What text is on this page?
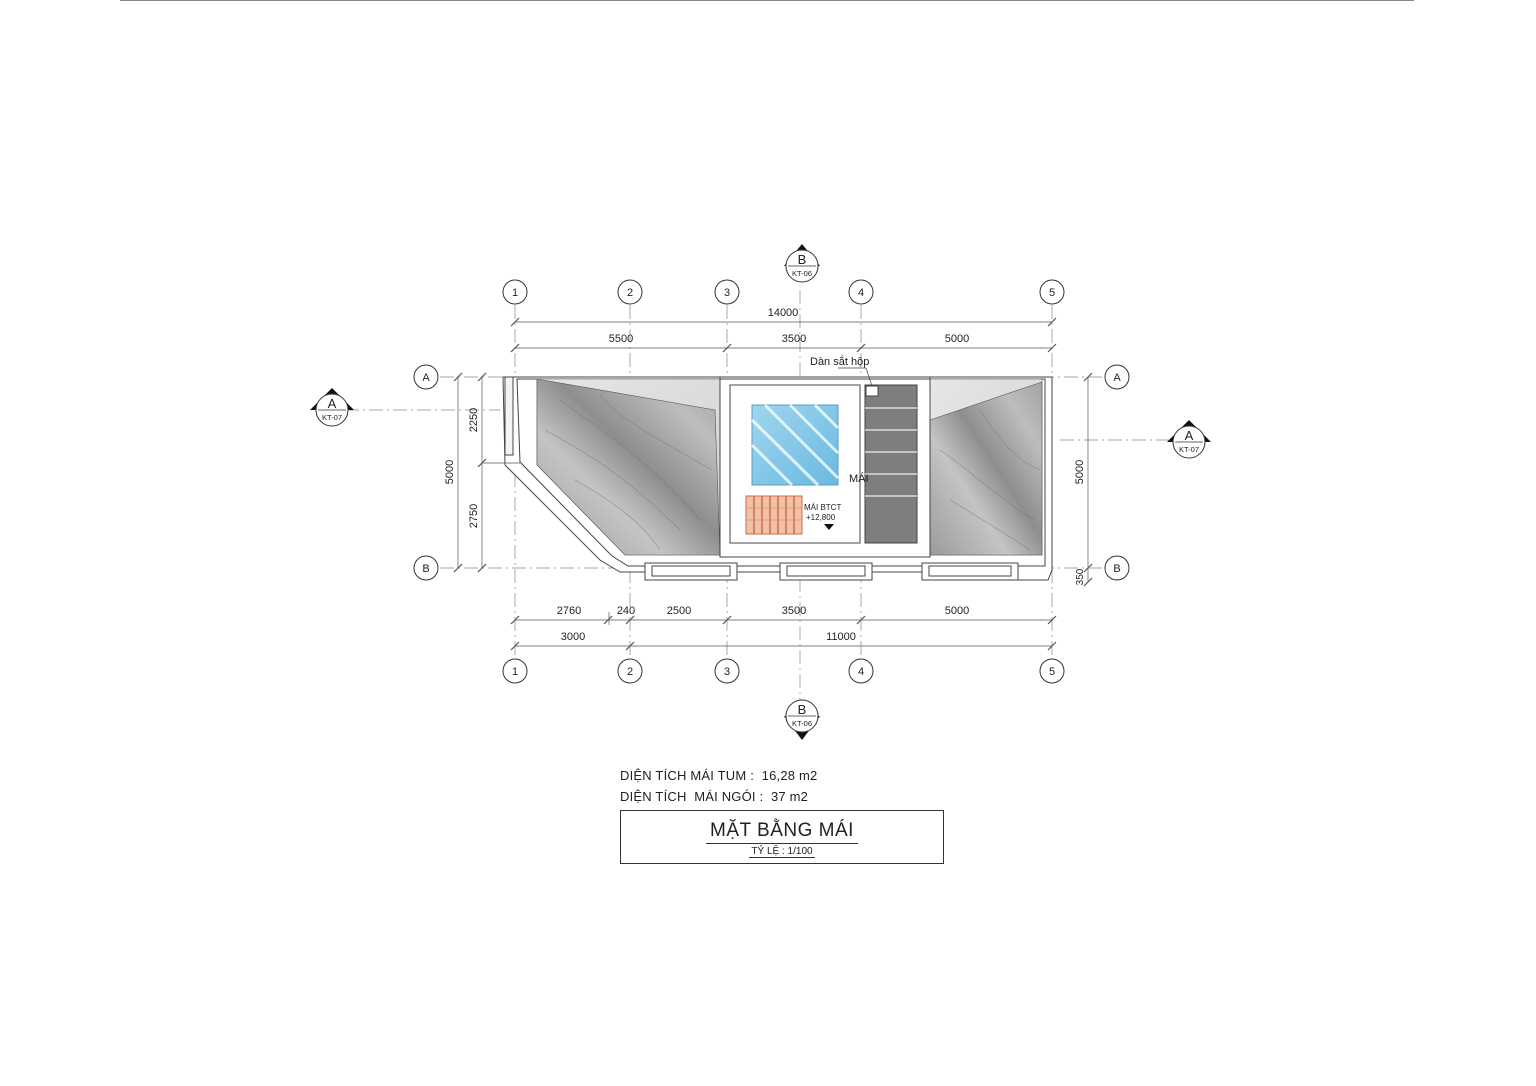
Dàn sắt hộp
MÁI
MÁI BTCT
+12,800
14000
5500	3500	5000
2760	240	2500	3500	5000
3000	11000
2250
2750
5000	5000
350
1	2	3	4	5
1	2	3	4	5
A
B
A
B
B
KT-06
B
KT-06
A
KT-07
A
KT-07
DIỆN TÍCH MÁI TUM :  16,28 m2
DIỆN TÍCH  MÁI NGÓI :  37 m2
MẶT BẰNG MÁI
TỶ LỆ : 1/100
